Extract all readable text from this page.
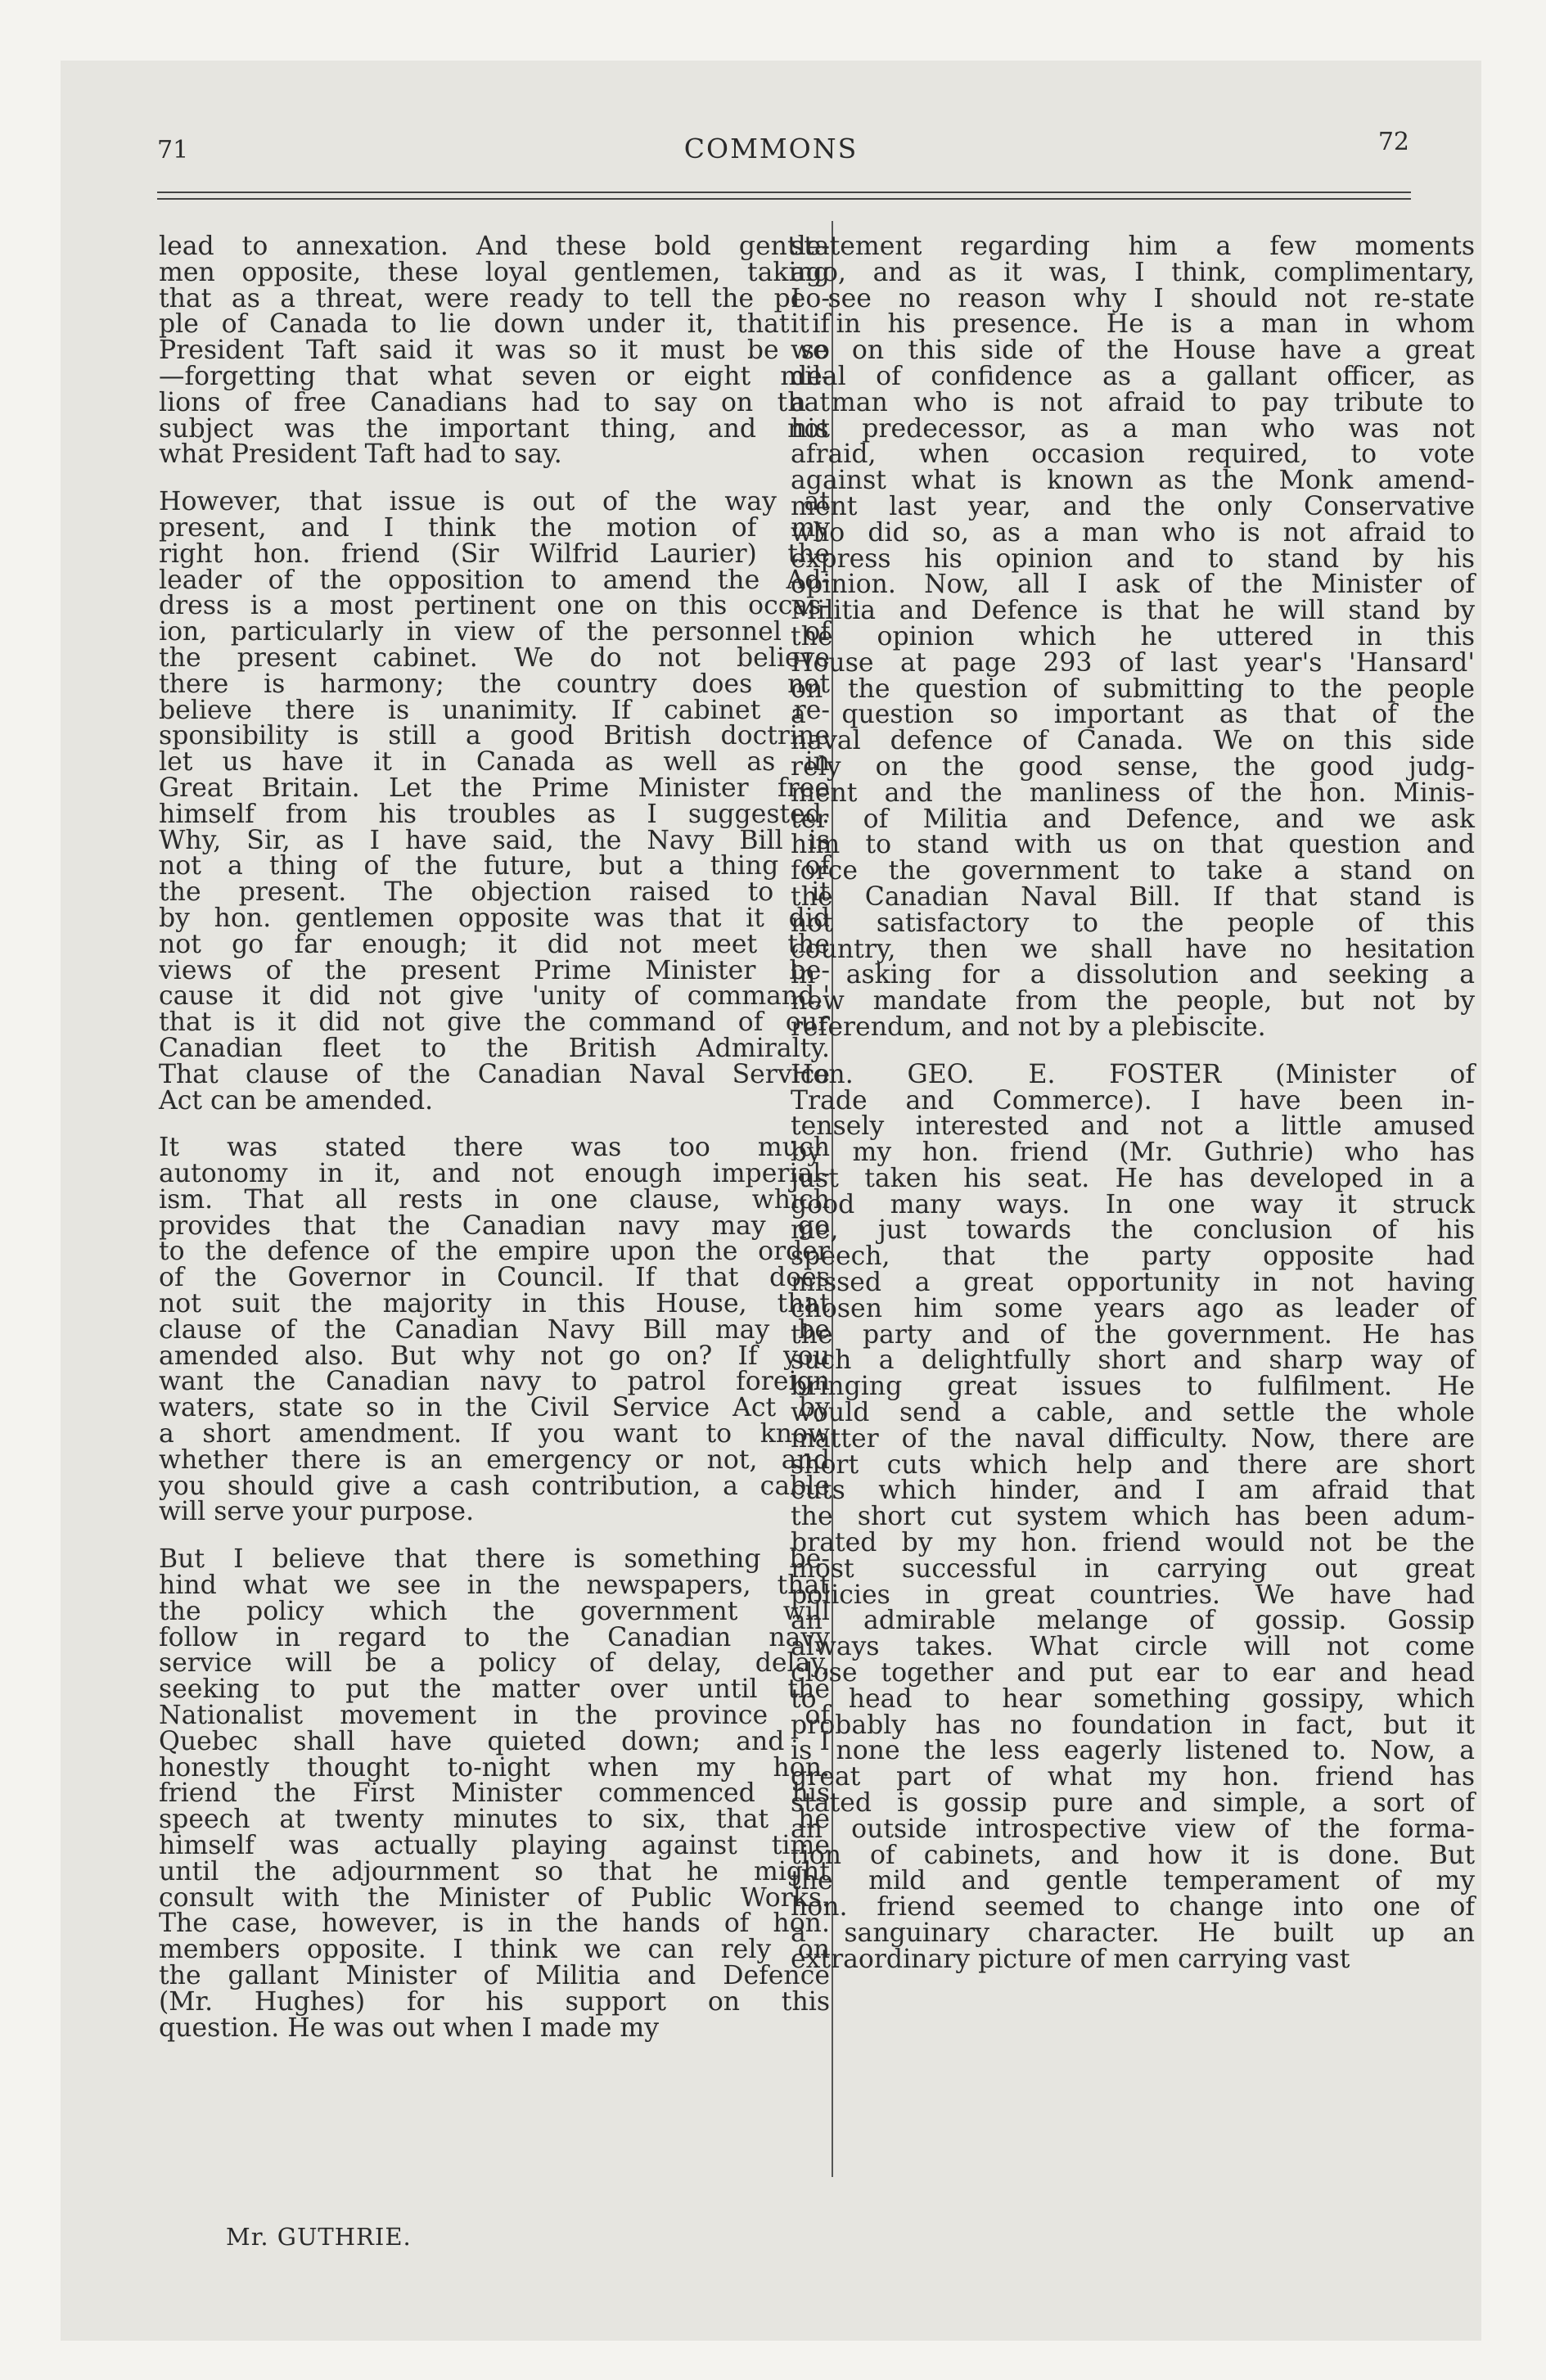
71	COMMONS	72

lead to annexation. And these bold gentle-
men opposite, these loyal gentlemen, taking
that as a threat, were ready to tell the peo-
ple of Canada to lie down under it, that if
President Taft said it was so it must be so
—forgetting that what seven or eight mil-
lions of free Canadians had to say on that
subject was the important thing, and not
what President Taft had to say.

However, that issue is out of the way at
present, and I think the motion of my
right hon. friend (Sir Wilfrid Laurier) the
leader of the opposition to amend the Ad-
dress is a most pertinent one on this occas-
ion, particularly in view of the personnel of
the present cabinet. We do not believe
there is harmony; the country does not
believe there is unanimity. If cabinet re-
sponsibility is still a good British doctrine
let us have it in Canada as well as in
Great Britain. Let the Prime Minister free
himself from his troubles as I suggested.
Why, Sir, as I have said, the Navy Bill is
not a thing of the future, but a thing of
the present. The objection raised to it
by hon. gentlemen opposite was that it did
not go far enough; it did not meet the
views of the present Prime Minister be-
cause it did not give 'unity of command,'
that is it did not give the command of our
Canadian fleet to the British Admiralty.
That clause of the Canadian Naval Service
Act can be amended.

It was stated there was too much
autonomy in it, and not enough imperial-
ism. That all rests in one clause, which
provides that the Canadian navy may go
to the defence of the empire upon the order
of the Governor in Council. If that does
not suit the majority in this House, that
clause of the Canadian Navy Bill may be
amended also. But why not go on? If you
want the Canadian navy to patrol foreign
waters, state so in the Civil Service Act by
a short amendment. If you want to know
whether there is an emergency or not, and
you should give a cash contribution, a cable
will serve your purpose.

But I believe that there is something be-
hind what we see in the newspapers, that
the policy which the government will
follow in regard to the Canadian navy
service will be a policy of delay, delay,
seeking to put the matter over until the
Nationalist movement in the province of
Quebec shall have quieted down; and I
honestly thought to-night when my hon.
friend the First Minister commenced his
speech at twenty minutes to six, that he
himself was actually playing against time
until the adjournment so that he might
consult with the Minister of Public Works.
The case, however, is in the hands of hon.
members opposite. I think we can rely on
the gallant Minister of Militia and Defence
(Mr. Hughes) for his support on this
question. He was out when I made my

statement regarding him a few moments
ago, and as it was, I think, complimentary,
I see no reason why I should not re-state
it in his presence. He is a man in whom
we on this side of the House have a great
deal of confidence as a gallant officer, as
a man who is not afraid to pay tribute to
his predecessor, as a man who was not
afraid, when occasion required, to vote
against what is known as the Monk amend-
ment last year, and the only Conservative
who did so, as a man who is not afraid to
express his opinion and to stand by his
opinion. Now, all I ask of the Minister of
Militia and Defence is that he will stand by
the opinion which he uttered in this
House at page 293 of last year's 'Hansard'
on the question of submitting to the people
a question so important as that of the
naval defence of Canada. We on this side
rely on the good sense, the good judg-
ment and the manliness of the hon. Minis-
ter of Militia and Defence, and we ask
him to stand with us on that question and
force the government to take a stand on
the Canadian Naval Bill. If that stand is
not satisfactory to the people of this
country, then we shall have no hesitation
in asking for a dissolution and seeking a
new mandate from the people, but not by
referendum, and not by a plebiscite.

Hon. GEO. E. FOSTER (Minister of
Trade and Commerce). I have been in-
tensely interested and not a little amused
by my hon. friend (Mr. Guthrie) who has
just taken his seat. He has developed in a
good many ways. In one way it struck
me, just towards the conclusion of his
speech, that the party opposite had
missed a great opportunity in not having
chosen him some years ago as leader of
the party and of the government. He has
such a delightfully short and sharp way of
bringing great issues to fulfilment. He
would send a cable, and settle the whole
matter of the naval difficulty. Now, there are
short cuts which help and there are short
cuts which hinder, and I am afraid that
the short cut system which has been adum-
brated by my hon. friend would not be the
most successful in carrying out great
policies in great countries. We have had
an admirable melange of gossip. Gossip
always takes. What circle will not come
close together and put ear to ear and head
to head to hear something gossipy, which
probably has no foundation in fact, but it
is none the less eagerly listened to. Now, a
great part of what my hon. friend has
stated is gossip pure and simple, a sort of
an outside introspective view of the forma-
tion of cabinets, and how it is done. But
the mild and gentle temperament of my
hon. friend seemed to change into one of
a sanguinary character. He built up an
extraordinary picture of men carrying vast

Mr. GUTHRIE.
